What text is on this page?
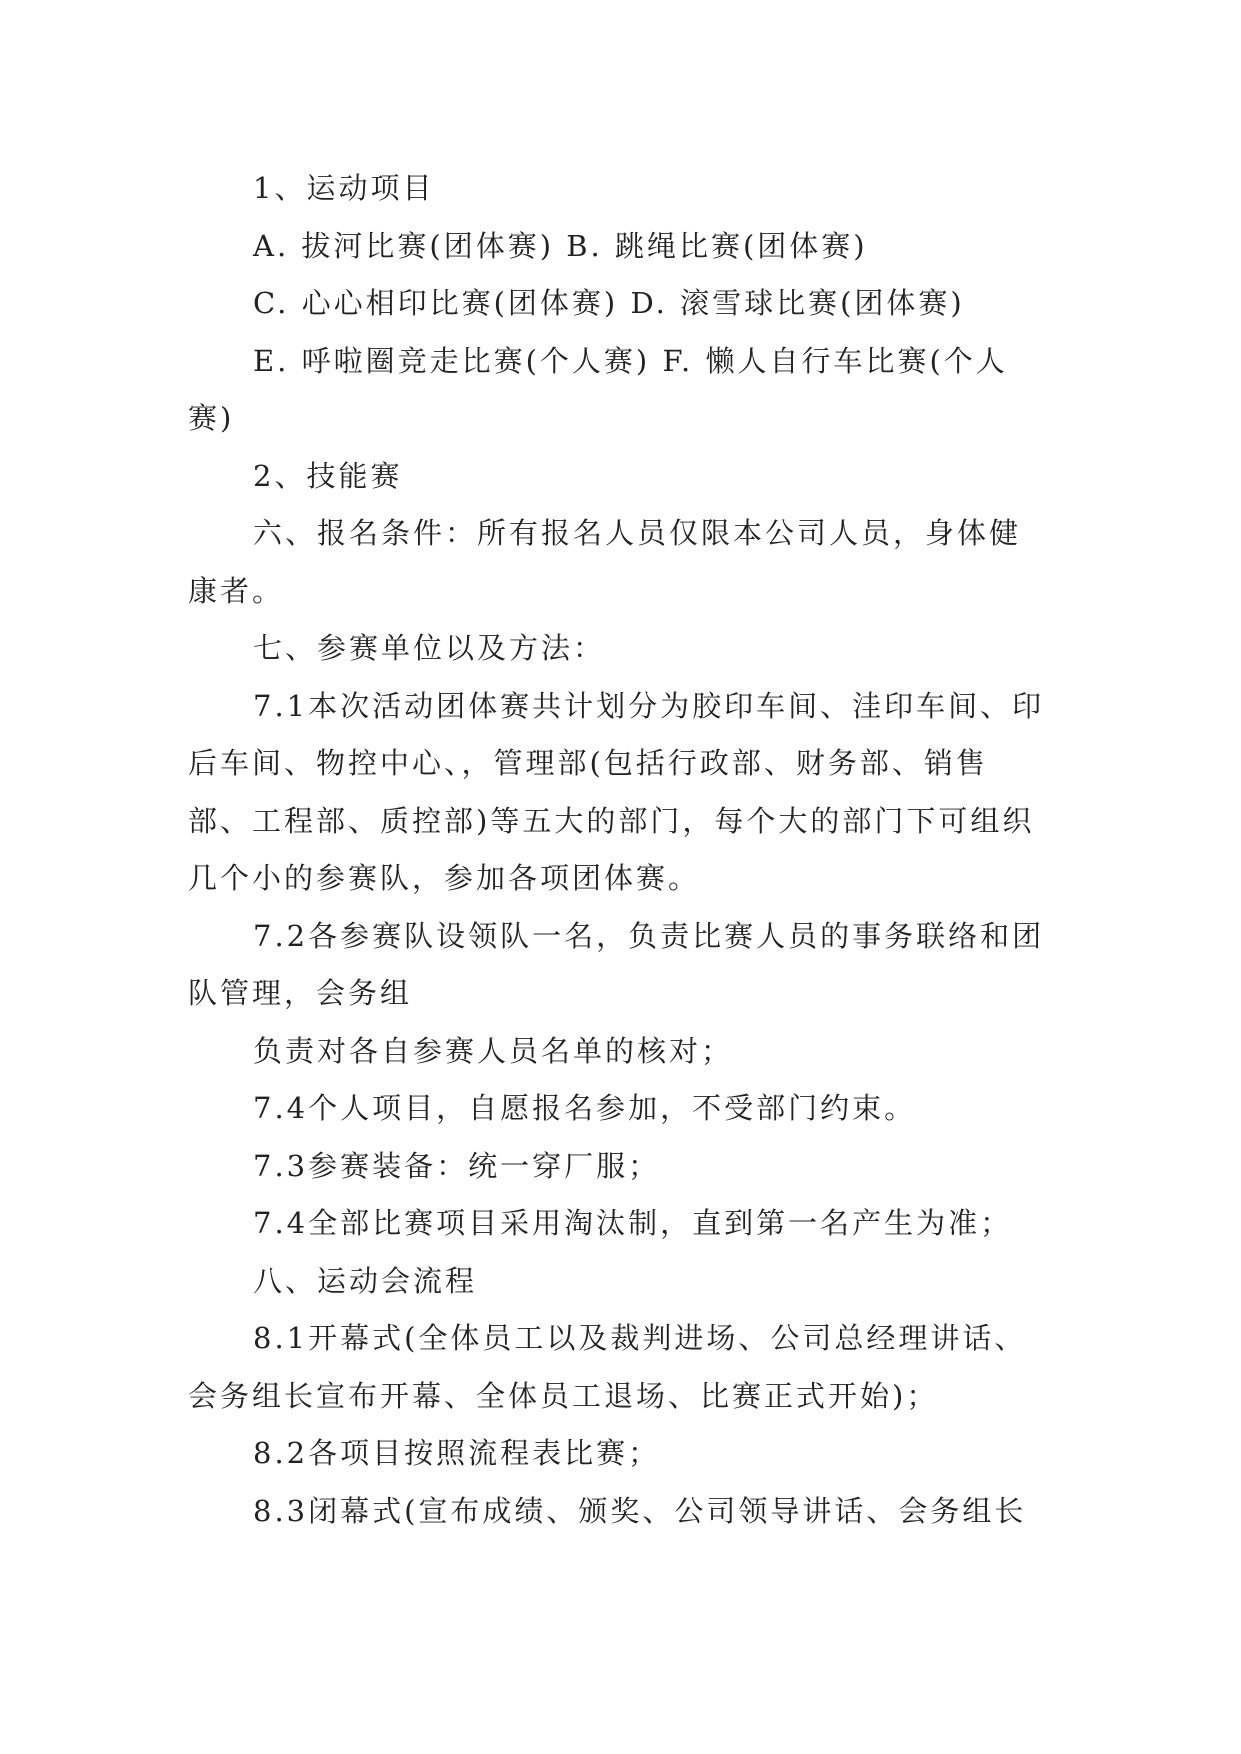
1、运动项目

A. 拔河比赛(团体赛) B. 跳绳比赛(团体赛)

C. 心心相印比赛(团体赛) D. 滚雪球比赛(团体赛)

E. 呼啦圈竞走比赛(个人赛) F. 懒人自行车比赛(个人赛)

2、技能赛

六、报名条件：所有报名人员仅限本公司人员，身体健康者。

七、参赛单位以及方法：

7.1本次活动团体赛共计划分为胶印车间、洼印车间、印后车间、物控中心、，管理部(包括行政部、财务部、销售部、工程部、质控部)等五大的部门，每个大的部门下可组织几个小的参赛队，参加各项团体赛。

7.2各参赛队设领队一名，负责比赛人员的事务联络和团队管理，会务组

负责对各自参赛人员名单的核对；

7.4个人项目，自愿报名参加，不受部门约束。

7.3参赛装备：统一穿厂服；

7.4全部比赛项目采用淘汰制，直到第一名产生为准；

八、运动会流程

8.1开幕式(全体员工以及裁判进场、公司总经理讲话、会务组长宣布开幕、全体员工退场、比赛正式开始)；

8.2各项目按照流程表比赛；

8.3闭幕式(宣布成绩、颁奖、公司领导讲话、会务组长
